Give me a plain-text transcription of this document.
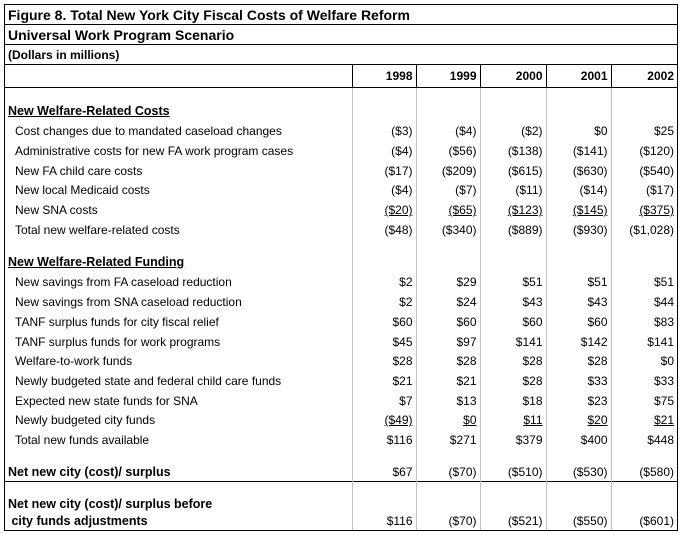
Figure 8. Total New York City Fiscal Costs of Welfare Reform
Universal Work Program Scenario
(Dollars in millions)
	1998	1999	2000	2001	2002

New Welfare-Related Costs					
Cost changes due to mandated caseload changes	($3)	($4)	($2)	$0	$25
Administrative costs for new FA work program cases	($4)	($56)	($138)	($141)	($120)
New FA child care costs	($17)	($209)	($615)	($630)	($540)
New local Medicaid costs	($4)	($7)	($11)	($14)	($17)
New SNA costs	($20)	($65)	($123)	($145)	($375)
Total new welfare-related costs	($48)	($340)	($889)	($930)	($1,028)

New Welfare-Related Funding					
New savings from FA caseload reduction	$2	$29	$51	$51	$51
New savings from SNA caseload reduction	$2	$24	$43	$43	$44
TANF surplus funds for city fiscal relief	$60	$60	$60	$60	$83
TANF surplus funds for work programs	$45	$97	$141	$142	$141
Welfare-to-work funds	$28	$28	$28	$28	$0
Newly budgeted state and federal child care funds	$21	$21	$28	$33	$33
Expected new state funds for SNA	$7	$13	$18	$23	$75
Newly budgeted city funds	($49)	$0	$11	$20	$21
Total new funds available	$116	$271	$379	$400	$448

Net new city (cost)/ surplus	$67	($70)	($510)	($530)	($580)

Net new city (cost)/ surplus before					
city funds adjustments	$116	($70)	($521)	($550)	($601)
